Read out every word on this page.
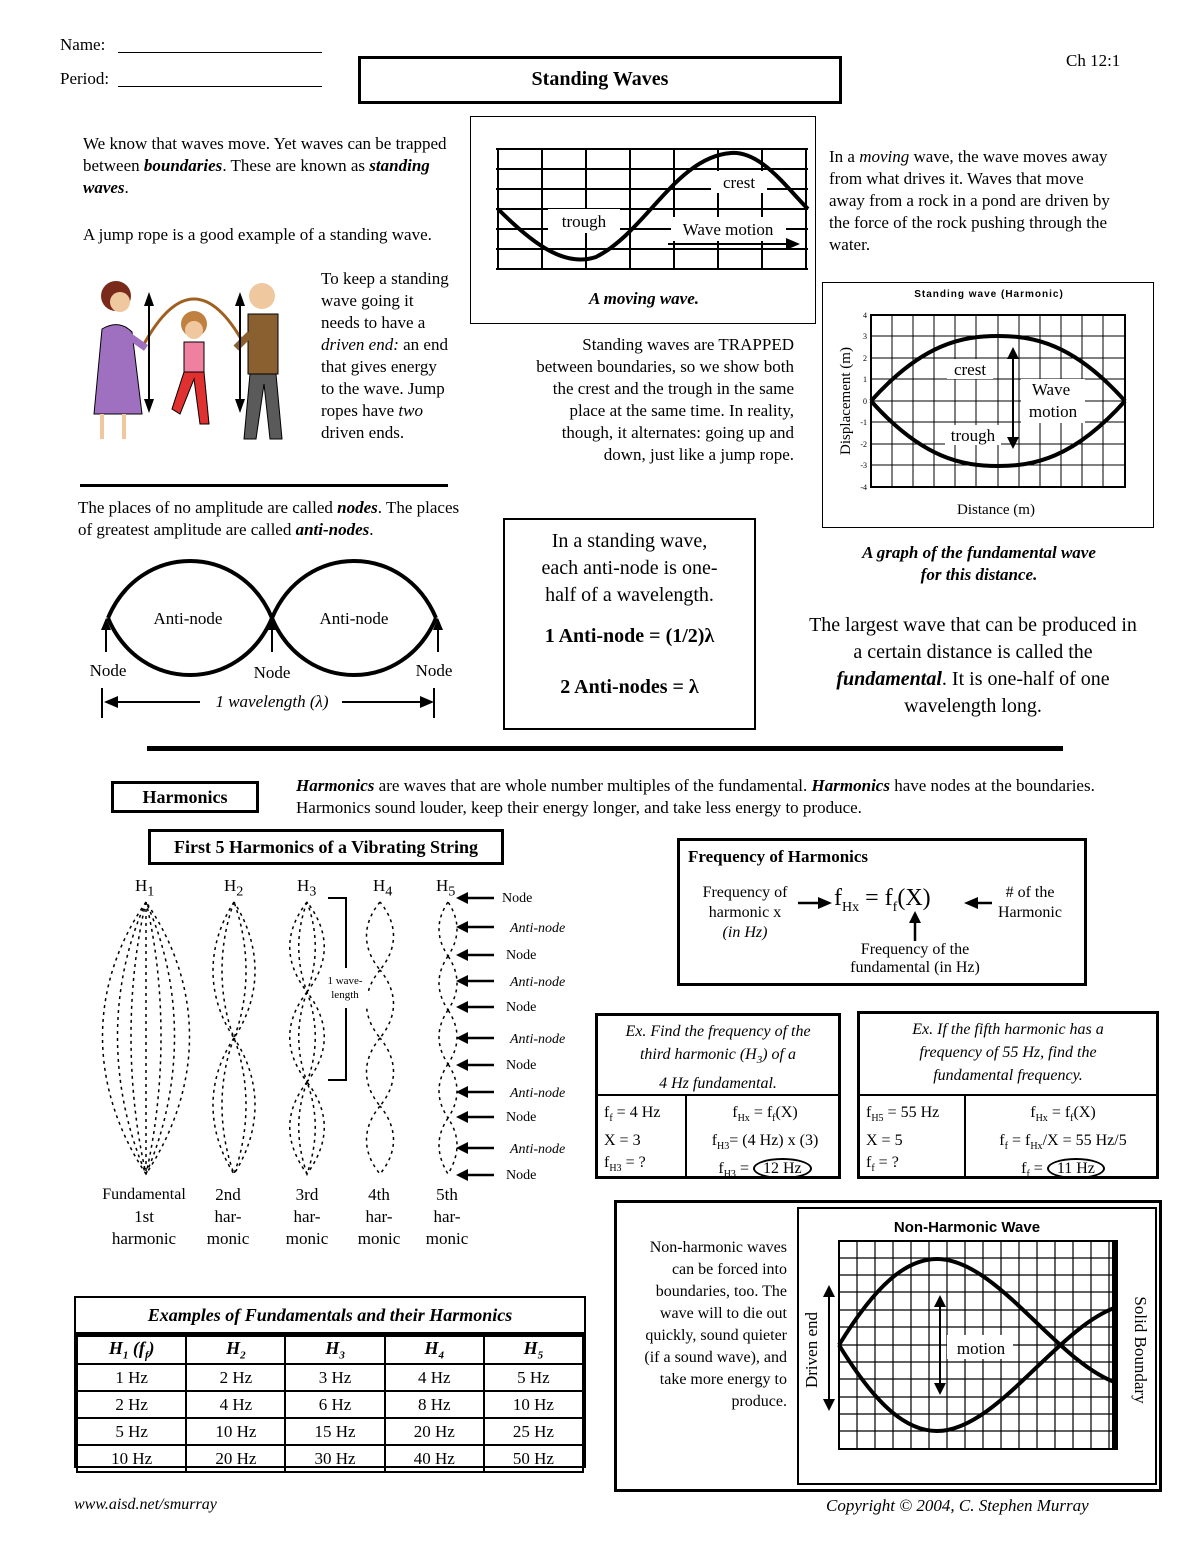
Name:
Period:	Standing Waves
Ch 12:1
We know that waves move. Yet waves can be trapped between boundaries. These are known as standing waves.
A jump rope is a good example of a standing wave.
To keep a standing wave going it needs to have a driven end: an end that gives energy to the wave. Jump ropes have two driven ends.
trough
crest
Wave motion
A moving wave.
In a moving wave, the wave moves away from what drives it. Waves that move away from a rock in a pond are driven by the force of the rock pushing through the water.
Standing waves are TRAPPED between boundaries, so we show both the crest and the trough in the same place at the same time. In reality, though, it alternates: going up and down, just like a jump rope.
Standing wave (Harmonic)
4
3
2
1
0
-1
-2
-3
-4
crest
trough
Wave
motion
Displacement (m)
Distance (m)
A graph of the fundamental wave
for this distance.
The largest wave that can be produced in a certain distance is called the fundamental. It is one-half of one wavelength long.
The places of no amplitude are called nodes. The places of greatest amplitude are called anti-nodes.
Anti-node	Anti-node
Node	Node	Node
1 wavelength (λ)
In a standing wave,
each anti-node is one-
half of a wavelength.
1 Anti-node = (1/2)λ
2 Anti-nodes = λ
Harmonics
Harmonics are waves that are whole number multiples of the fundamental. Harmonics have nodes at the boundaries. Harmonics sound louder, keep their energy longer, and take less energy to produce.
First 5 Harmonics of a Vibrating String
$H_1$	$H_2$	$H_3$	$H_4$	$H_5$
1 wave-
length
Node
Anti-node
Node
Anti-node
Node
Anti-node
Node
Anti-node
Node
Anti-node
Node
Fundamental
1st
harmonic
2nd
har-
monic
3rd
har-
monic
4th
har-
monic
5th
har-
monic
Frequency of Harmonics
Frequency of
harmonic x
(in Hz)
$f_{Hx} = f_f(X)$	# of the
Harmonic
Frequency of the
fundamental (in Hz)
Ex. Find the frequency of the
third harmonic $(H_3)$ of a
4 Hz fundamental.
$f_f = 4$ Hz
X = 3
$f_{H3}$ = ?
$f_{Hx} = f_f(X)$
$f_{H3}= (4$ Hz) x (3)
$f_{H3} = 12$ Hz
Ex. If the fifth harmonic has a
frequency of 55 Hz, find the
fundamental frequency.
$f_{H5} = 55$ Hz
X = 5
$f_f$ = ?
$f_{Hx} = f_f(X)$
$f_f = f_{Hx}/X = 55$ Hz/5
$f_f = 11$ Hz
Examples of Fundamentals and their Harmonics
$H_1$ $(f_f)$	$H_2$	$H_3$	$H_4$	$H_5$
1 Hz	2 Hz	3 Hz	4 Hz	5 Hz
2 Hz	4 Hz	6 Hz	8 Hz	10 Hz
5 Hz	10 Hz	15 Hz	20 Hz	25 Hz
10 Hz	20 Hz	30 Hz	40 Hz	50 Hz
Non-harmonic waves can be forced into boundaries, too. The wave will to die out quickly, sound quieter (if a sound wave), and take more energy to produce.
Non-Harmonic Wave
motion
Driven end	Solid Boundary
www.aisd.net/smurray	Copyright © 2004, C. Stephen Murray
